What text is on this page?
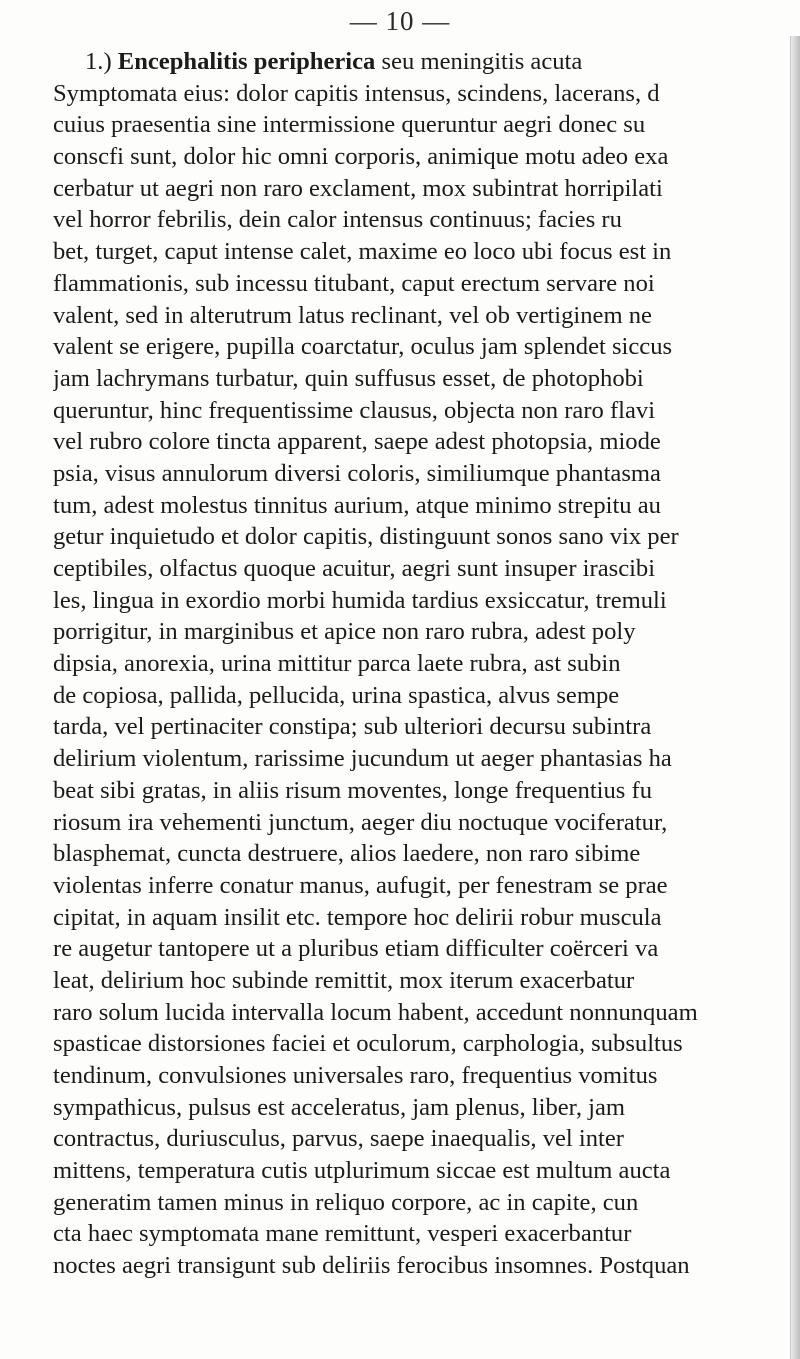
— 10 —
1.) Encephalitis peripherica seu meningitis acuta
Symptomata eius: dolor capitis intensus, scindens, lacerans, d
cuius praesentia sine intermissione queruntur aegri donec su
conscfi sunt, dolor hic omni corporis, animique motu adeo exa
cerbatur ut aegri non raro exclament, mox subintrat horripilati
vel horror febrilis, dein calor intensus continuus; facies ru
bet, turget, caput intense calet, maxime eo loco ubi focus est in
flammationis, sub incessu titubant, caput erectum servare noi
valent, sed in alterutrum latus reclinant, vel ob vertiginem ne
valent se erigere, pupilla coarctatur, oculus jam splendet siccus
jam lachrymans turbatur, quin suffusus esset, de photophobi
queruntur, hinc frequentissime clausus, objecta non raro flavi
vel rubro colore tincta apparent, saepe adest photopsia, miode
psia, visus annulorum diversi coloris, similiumque phantasma
tum, adest molestus tinnitus aurium, atque minimo strepitu au
getur inquietudo et dolor capitis, distinguunt sonos sano vix per
ceptibiles, olfactus quoque acuitur, aegri sunt insuper irascibi
les, lingua in exordio morbi humida tardius exsiccatur, tremuli
porrigitur, in marginibus et apice non raro rubra, adest poly
dipsia, anorexia, urina mittitur parca laete rubra, ast subin
de copiosa, pallida, pellucida, urina spastica, alvus sempe
tarda, vel pertinaciter constipa; sub ulteriori decursu subintra
delirium violentum, rarissime jucundum ut aeger phantasias ha
beat sibi gratas, in aliis risum moventes, longe frequentius fu
riosum ira vehementi junctum, aeger diu noctuque vociferatur,
blasphemat, cuncta destruere, alios laedere, non raro sibime
violentas inferre conatur manus, aufugit, per fenestram se prae
cipitat, in aquam insilit etc. tempore hoc delirii robur muscula
re augetur tantopere ut a pluribus etiam difficulter coërceri va
leat, delirium hoc subinde remittit, mox iterum exacerbatur
raro solum lucida intervalla locum habent, accedunt nonnunquam
spasticae distorsiones faciei et oculorum, carphologia, subsultus
tendinum, convulsiones universales raro, frequentius vomitus
sympathicus, pulsus est acceleratus, jam plenus, liber, jam
contractus, duriusculus, parvus, saepe inaequalis, vel inter
mittens, temperatura cutis utplurimum siccae est multum aucta
generatim tamen minus in reliquo corpore, ac in capite, cun
cta haec symptomata mane remittunt, vesperi exacerbantur
noctes aegri transigunt sub deliriis ferocibus insomnes. Postquan
